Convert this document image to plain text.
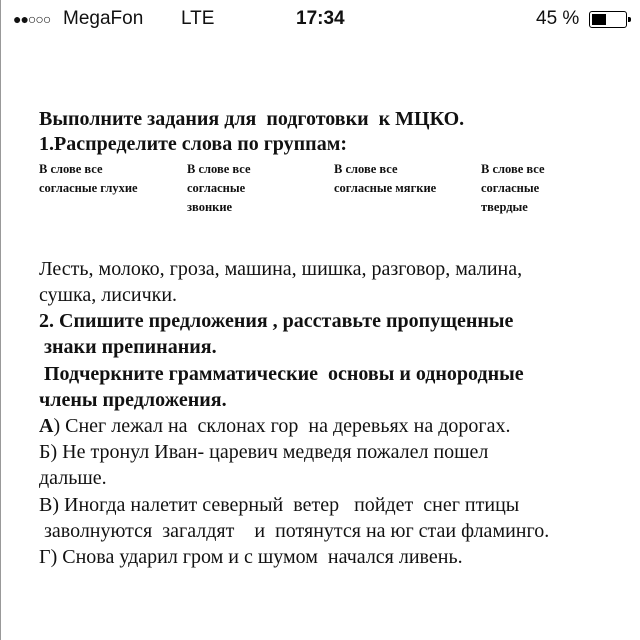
●●○○○ MegaFon LTE	17:34	45 %
Выполните задания для  подготовки  к МЦКО.
1.Распределите слова по группам:
В слове все
согласные глухие
В слове все
согласные
звонкие
В слове все
согласные мягкие
В слове все
согласные
твердые
Лесть, молоко, гроза, машина, шишка, разговор, малина,
сушка, лисички.
2. Спишите предложения , расставьте пропущенные
знаки препинания.
Подчеркните грамматические  основы и однородные
члены предложения.
А) Снег лежал на  склонах гор  на деревьях на дорогах.
Б) Не тронул Иван- царевич медведя пожалел пошел
дальше.
В) Иногда налетит северный  ветер   пойдет  снег птицы
заволнуются  загалдят    и  потянутся на юг стаи фламинго.
Г) Снова ударил гром и с шумом  начался ливень.
